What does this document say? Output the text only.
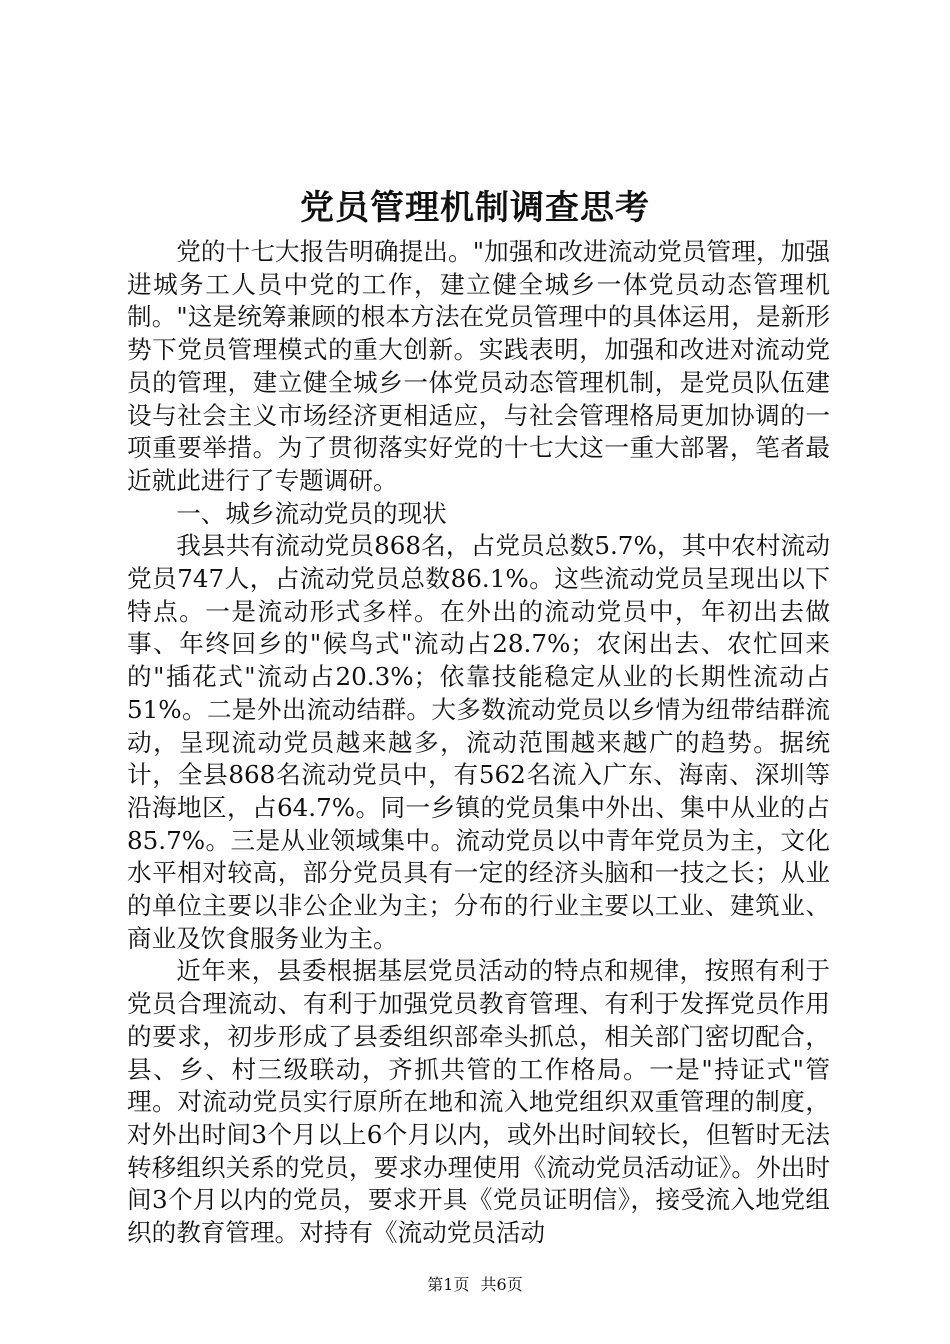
党员管理机制调查思考

党的十七大报告明确提出。"加强和改进流动党员管理，加强进城务工人员中党的工作，建立健全城乡一体党员动态管理机制。"这是统筹兼顾的根本方法在党员管理中的具体运用，是新形势下党员管理模式的重大创新。实践表明，加强和改进对流动党员的管理，建立健全城乡一体党员动态管理机制，是党员队伍建设与社会主义市场经济更相适应，与社会管理格局更加协调的一项重要举措。为了贯彻落实好党的十七大这一重大部署，笔者最近就此进行了专题调研。

一、城乡流动党员的现状

我县共有流动党员868名，占党员总数5.7%，其中农村流动党员747人，占流动党员总数86.1%。这些流动党员呈现出以下特点。一是流动形式多样。在外出的流动党员中，年初出去做事、年终回乡的"候鸟式"流动占28.7%；农闲出去、农忙回来的"插花式"流动占20.3%；依靠技能稳定从业的长期性流动占51%。二是外出流动结群。大多数流动党员以乡情为纽带结群流动，呈现流动党员越来越多，流动范围越来越广的趋势。据统计，全县868名流动党员中，有562名流入广东、海南、深圳等沿海地区，占64.7%。同一乡镇的党员集中外出、集中从业的占85.7%。三是从业领域集中。流动党员以中青年党员为主，文化水平相对较高，部分党员具有一定的经济头脑和一技之长；从业的单位主要以非公企业为主；分布的行业主要以工业、建筑业、商业及饮食服务业为主。

近年来，县委根据基层党员活动的特点和规律，按照有利于党员合理流动、有利于加强党员教育管理、有利于发挥党员作用的要求，初步形成了县委组织部牵头抓总，相关部门密切配合，县、乡、村三级联动，齐抓共管的工作格局。一是"持证式"管理。对流动党员实行原所在地和流入地党组织双重管理的制度，对外出时间3个月以上6个月以内，或外出时间较长，但暂时无法转移组织关系的党员，要求办理使用《流动党员活动证》。外出时间3个月以内的党员，要求开具《党员证明信》，接受流入地党组织的教育管理。对持有《流动党员活动

第1页 共6页
